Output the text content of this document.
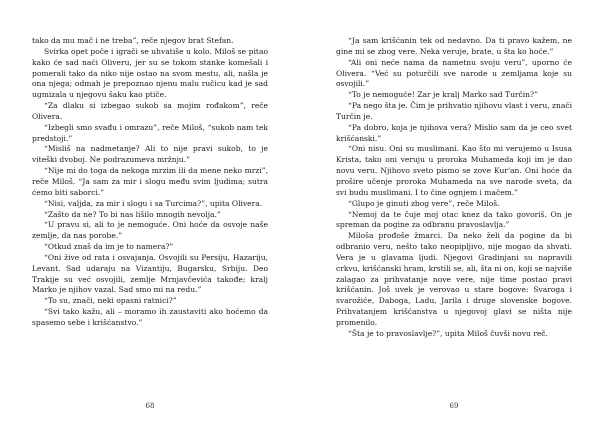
tako da mu mač i ne treba”, reče njegov brat Stefan.

Svirka opet poče i igrači se uhvatiše u kolo. Miloš se pitao kako će sad naći Oliveru, jer su se tokom stanke komešali i pomerali tako da niko nije ostao na svom mestu, ali, našla je ona njega; odmah je prepoznao njenu malu ručicu kad je sad ugmizala u njegovu šaku kao ptiče.

“Za dlaku si izbegao sukob sa mojim rođakom”, reče Olivera.

“Izbegli smo svađu i omrazu”, reče Miloš, “sukob nam tek predstoji.”

“Misliš na nadmetanje? Ali to nije pravi sukob, to je viteški dvoboj. Ne podrazumeva mržnju.”

“Nije mi do toga da nekoga mrzim ili da mene neko mrzi”, reče Miloš. “Ja sam za mir i slogu među svim ljudima; sutra ćemo biti saborci.”

“Nisi, valjda, za mir i slogu i sa Turcima?”, upita Olivera.

“Zašto da ne? To bi nas lišilo mnogih nevolja.”

“U pravu si, ali to je nemoguće. Oni hoće da osvoje naše zemlje, da nas porobe.”

“Otkud znaš da im je to namera?”

“Oni žive od rata i osvajanja. Osvojili su Persiju, Hazariju, Levant. Sad udaraju na Vizantiju, Bugarsku, Srbiju. Deo Trakije su već osvojili, zemlje Mrnjavčevića takođe; kralj Marko je njihov vazal. Sad smo mi na redu.”

“To su, znači, neki opasni ratnici?”

“Svi tako kažu, ali – moramo ih zaustaviti ako hoćemo da spasemo sebe i krišćanstvo.”

“Ja sam krišćanin tek od nedavno. Da ti pravo kažem, ne gine mi se zbog vere. Neka veruje, brate, u šta ko hoće.”

“Ali oni neće nama da nametnu svoju veru”, uporno će Olivera. “Već su poturčili sve narode u zemljama koje su osvojili.”

“To je nemoguće! Zar je kralj Marko sad Turčin?”

“Pa nego šta je. Čim je prihvatio njihovu vlast i veru, znači Turčin je.

“Pa dobro, koja je njihova vera? Mislio sam da je ceo svet krišćanski.”

“Oni nisu. Oni su muslimani. Kao što mi verujemo u Isusa Krista, tako oni veruju u proroka Muhameda koji im je dao novu veru. Njihovo sveto pismo se zove Kur'an. Oni hoće da prošire učenje proroka Muhameda na sve narode sveta, da svi budu muslimani. I to čine ognjem i mačem.”

“Glupo je ginuti zbog vere”, reče Miloš.

“Nemoj da te čuje moj otac knez da tako govoriš. On je spreman da pogine za odbranu pravoslavlja.”

Miloša prođoše žmarci. Da neko želi da pogine da bi odbranio veru, nešto tako neopipljivo, nije mogao da shvati. Vera je u glavama ljudi. Njegovi Gradinjani su napravili crkvu, krišćanski hram, krstili se, ali, šta ni on, koji se najviše zalagao za prihvatanje nove vere, nije time postao pravi krišćanin. Još uvek je verovao u stare bogove: Svaroga i svarožiće, Daboga, Ladu, Jarila i druge slovenske bogove. Prihvatanjem krišćanstva u njegovoj glavi se ništa nije promenilo.

“Šta je to pravoslavlje?”, upita Miloš čuvši novu reč.

68	69
